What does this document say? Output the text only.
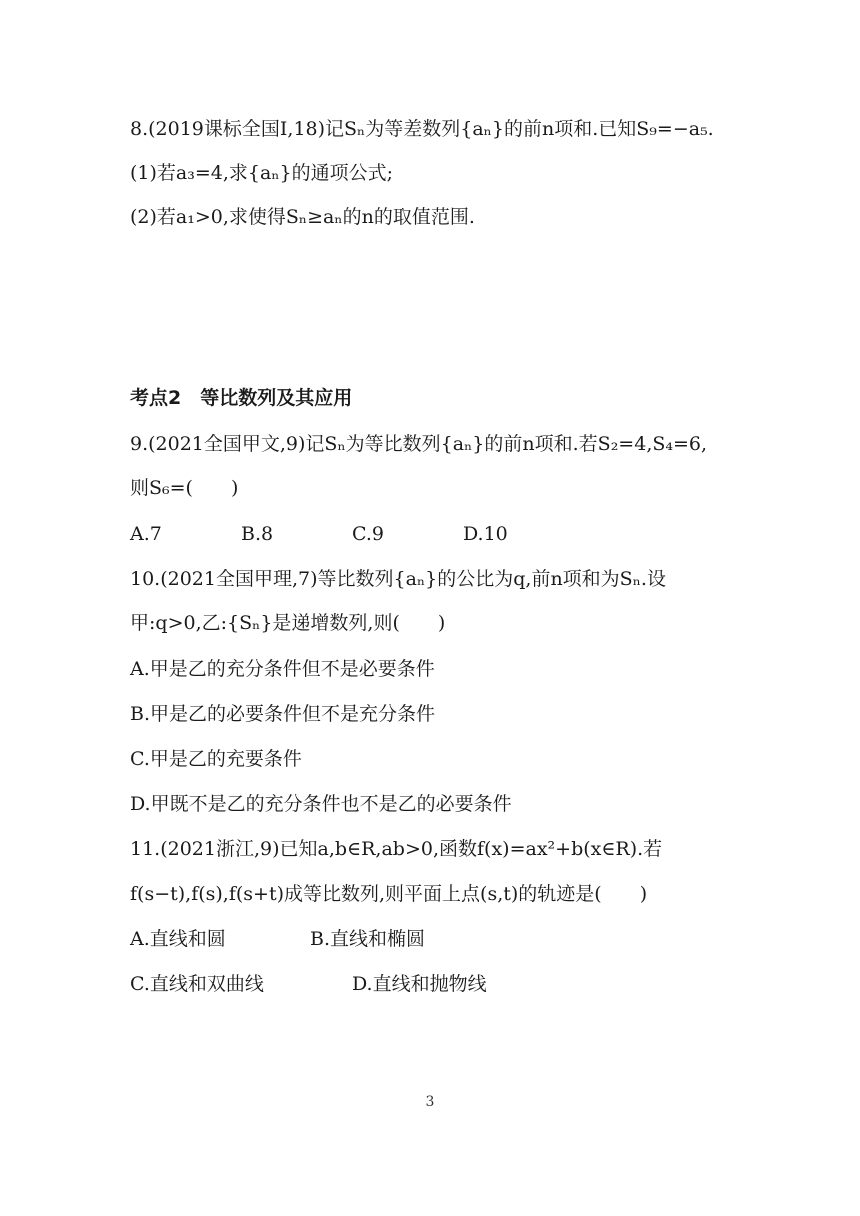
8.(2019课标全国Ⅰ,18)记Sₙ为等差数列{aₙ}的前n项和.已知S₉=−a₅.
(1)若a₃=4,求{aₙ}的通项公式;
(2)若a₁>0,求使得Sₙ≥aₙ的n的取值范围.
考点2　等比数列及其应用
9.(2021全国甲文,9)记Sₙ为等比数列{aₙ}的前n项和.若S₂=4,S₄=6,
则S₆=(　　)
A.7	B.8	C.9	D.10
10.(2021全国甲理,7)等比数列{aₙ}的公比为q,前n项和为Sₙ.设
甲:q>0,乙:{Sₙ}是递增数列,则(　　)
A.甲是乙的充分条件但不是必要条件
B.甲是乙的必要条件但不是充分条件
C.甲是乙的充要条件
D.甲既不是乙的充分条件也不是乙的必要条件
11.(2021浙江,9)已知a,b∈R,ab>0,函数f(x)=ax²+b(x∈R).若
f(s−t),f(s),f(s+t)成等比数列,则平面上点(s,t)的轨迹是(　　)
A.直线和圆	B.直线和椭圆
C.直线和双曲线	D.直线和抛物线
3
